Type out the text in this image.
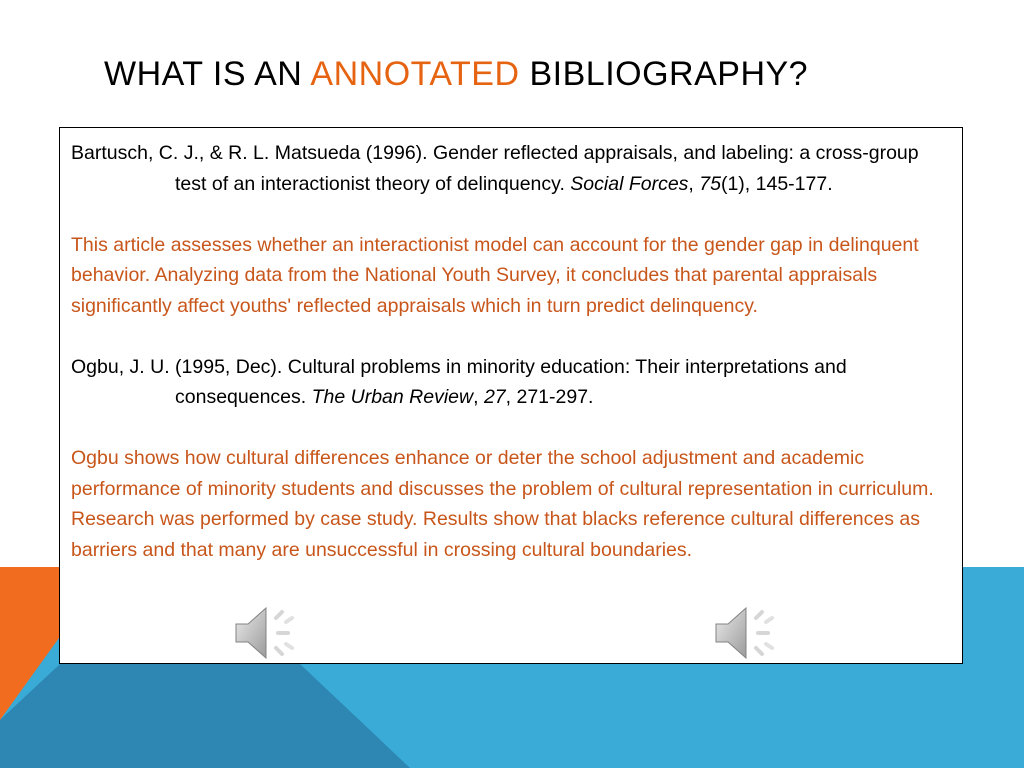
WHAT IS AN ANNOTATED BIBLIOGRAPHY?

Bartusch, C. J., & R. L. Matsueda (1996). Gender reflected appraisals, and labeling: a cross-group test of an interactionist theory of delinquency. Social Forces, 75(1), 145-177.

This article assesses whether an interactionist model can account for the gender gap in delinquent behavior. Analyzing data from the National Youth Survey, it concludes that parental appraisals significantly affect youths' reflected appraisals which in turn predict delinquency.

Ogbu, J. U. (1995, Dec). Cultural problems in minority education: Their interpretations and consequences. The Urban Review, 27, 271-297.

Ogbu shows how cultural differences enhance or deter the school adjustment and academic performance of minority students and discusses the problem of cultural representation in curriculum. Research was performed by case study. Results show that blacks reference cultural differences as barriers and that many are unsuccessful in crossing cultural boundaries.
